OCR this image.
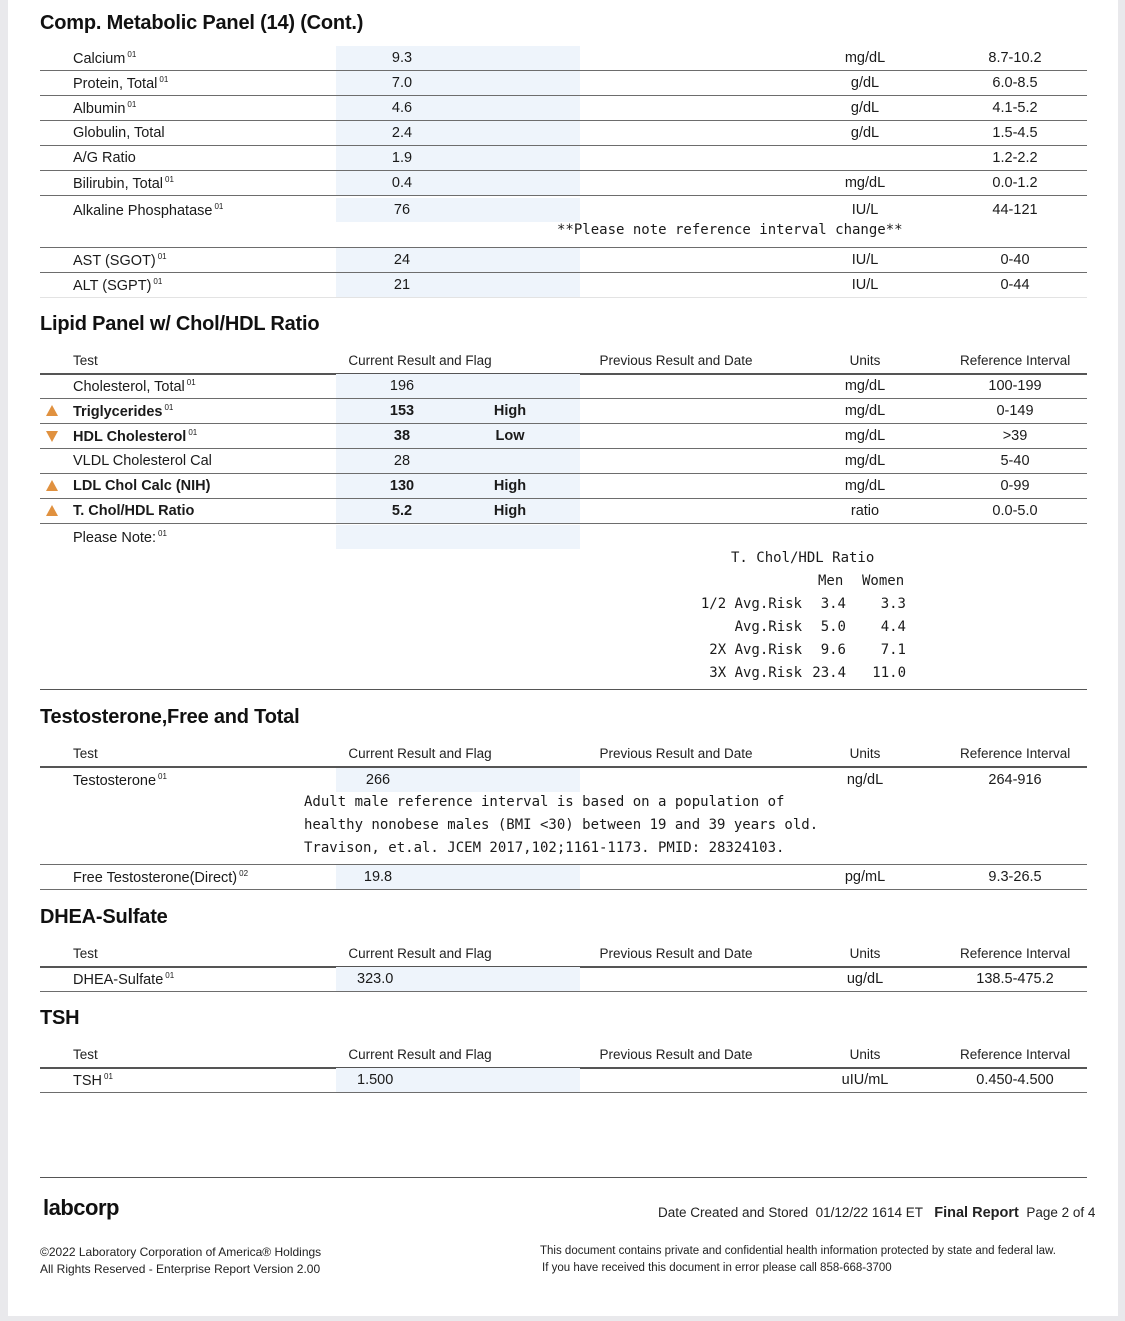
Comp. Metabolic Panel (14) (Cont.)
Calcium $^{01}$	9.3	mg/dL	8.7-10.2
Protein, Total $^{01}$	7.0	g/dL	6.0-8.5
Albumin $^{01}$	4.6	g/dL	4.1-5.2
Globulin, Total	2.4	g/dL	1.5-4.5
A/G Ratio	1.9	1.2-2.2
Bilirubin, Total $^{01}$	0.4	mg/dL	0.0-1.2
Alkaline Phosphatase $^{01}$	76	IU/L	44-121
**Please note reference interval change**
AST (SGOT) $^{01}$	24	IU/L	0-40
ALT (SGPT) $^{01}$	21	IU/L	0-44
Lipid Panel w/ Chol/HDL Ratio
Test	Current Result and Flag	Previous Result and Date	Units	Reference Interval
Cholesterol, Total $^{01}$	196	mg/dL	100-199
Triglycerides $^{01}$	153	High	mg/dL	0-149
HDL Cholesterol $^{01}$	38	Low	mg/dL	>39
VLDL Cholesterol Cal	28	mg/dL	5-40
LDL Chol Calc (NIH)	130	High	mg/dL	0-99
T. Chol/HDL Ratio	5.2	High	ratio	0.0-5.0
Please Note: $^{01}$
T. Chol/HDL Ratio
Men Women
1/2 Avg.Risk	3.4	3.3
Avg.Risk	5.0	4.4
2X Avg.Risk	9.6	7.1
3X Avg.Risk 23.4	11.0
Testosterone,Free and Total
Test	Current Result and Flag	Previous Result and Date	Units	Reference Interval
Testosterone $^{01}$	266	ng/dL	264-916
Adult male reference interval is based on a population of
healthy nonobese males (BMI <30) between 19 and 39 years old.
Travison, et.al. JCEM 2017,102;1161-1173. PMID: 28324103.
Free Testosterone(Direct) $^{02}$	19.8	pg/mL	9.3-26.5
DHEA-Sulfate
Test	Current Result and Flag	Previous Result and Date	Units	Reference Interval
DHEA-Sulfate $^{01}$	323.0	ug/dL	138.5-475.2
TSH
Test	Current Result and Flag	Previous Result and Date	Units	Reference Interval
TSH $^{01}$	1.500	uIU/mL	0.450-4.500
labcorp	Date Created and Stored 01/12/22 1614 ET Final Report Page 2 of 4
©2022 Laboratory Corporation of America® Holdings
All Rights Reserved - Enterprise Report Version 2.00
This document contains private and confidential health information protected by state and federal law.
If you have received this document in error please call 858-668-3700
